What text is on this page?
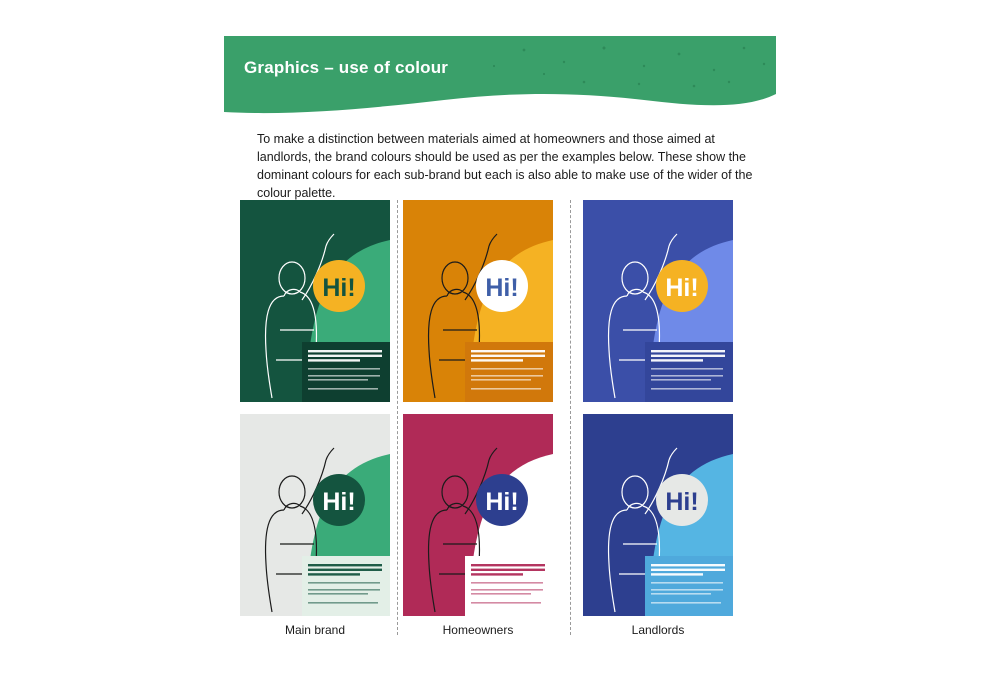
Graphics – use of colour
To make a distinction between materials aimed at homeowners and those aimed at landlords, the brand colours should be used as per the examples below. These show the dominant colours for each sub-brand but each is also able to make use of the wider of the colour palette.
Hi!
Hi!
Hi!
Hi!
Hi!
Hi!
Main brand	Homeowners	Landlords
